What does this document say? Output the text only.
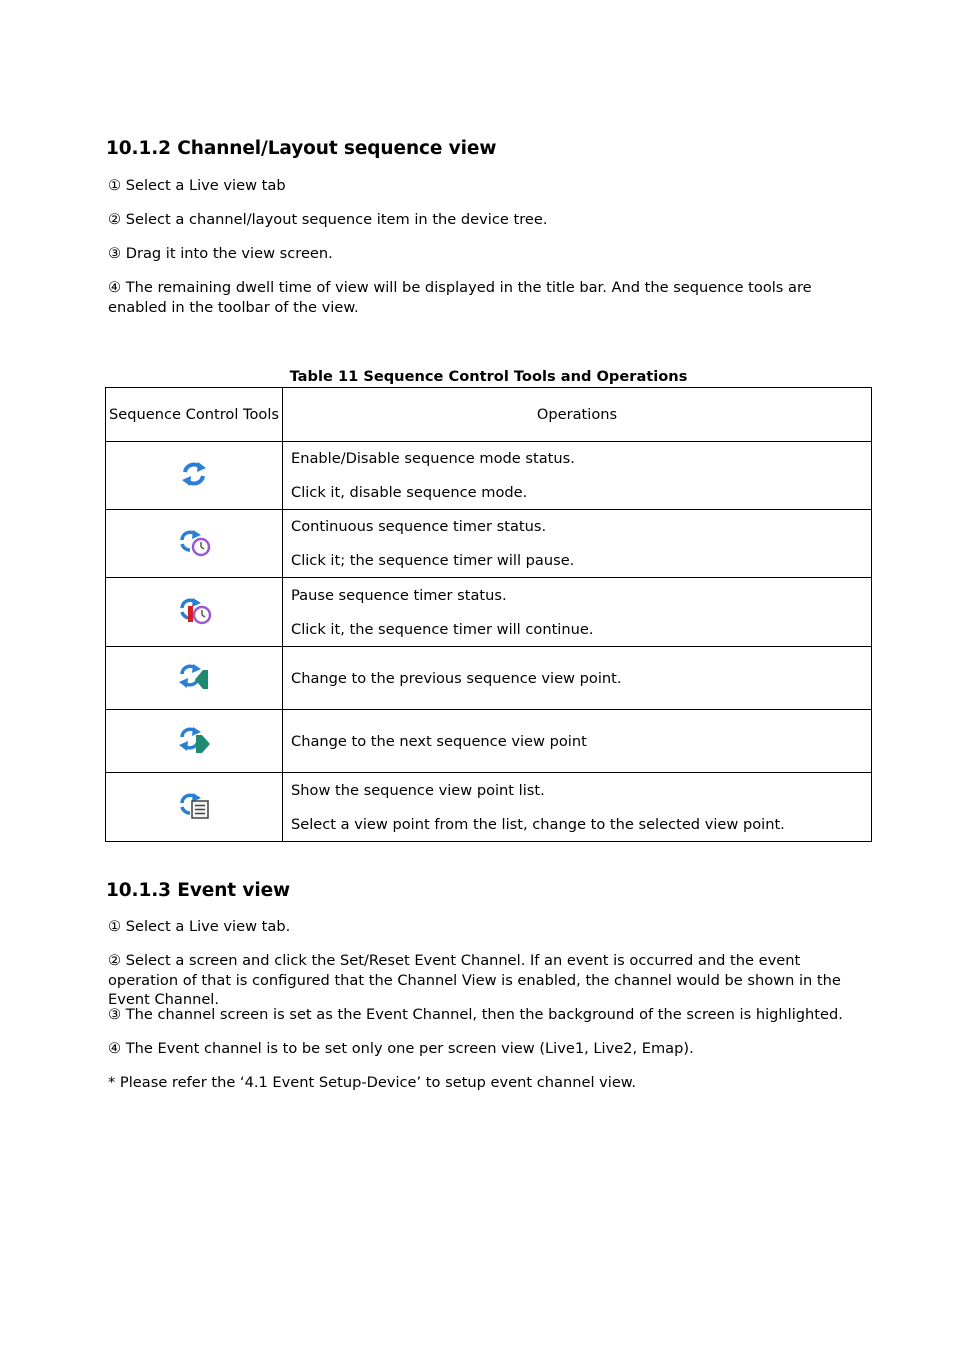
10.1.2 Channel/Layout sequence view

① Select a Live view tab

② Select a channel/layout sequence item in the device tree.

③ Drag it into the view screen.

④ The remaining dwell time of view will be displayed in the title bar. And the sequence tools are enabled in the toolbar of the view.

Table 11 Sequence Control Tools and Operations

Sequence Control Tools	Operations

Enable/Disable sequence mode status.
Click it, disable sequence mode.

Continuous sequence timer status.
Click it; the sequence timer will pause.

Pause sequence timer status.
Click it, the sequence timer will continue.

Change to the previous sequence view point.

Change to the next sequence view point

Show the sequence view point list.
Select a view point from the list, change to the selected view point.
10.1.3 Event view

① Select a Live view tab.

② Select a screen and click the Set/Reset Event Channel. If an event is occurred and the event operation of that is configured that the Channel View is enabled, the channel would be shown in the Event Channel.

③ The channel screen is set as the Event Channel, then the background of the screen is highlighted.

④ The Event channel is to be set only one per screen view (Live1, Live2, Emap).

* Please refer the ‘4.1 Event Setup-Device’ to setup event channel view.
